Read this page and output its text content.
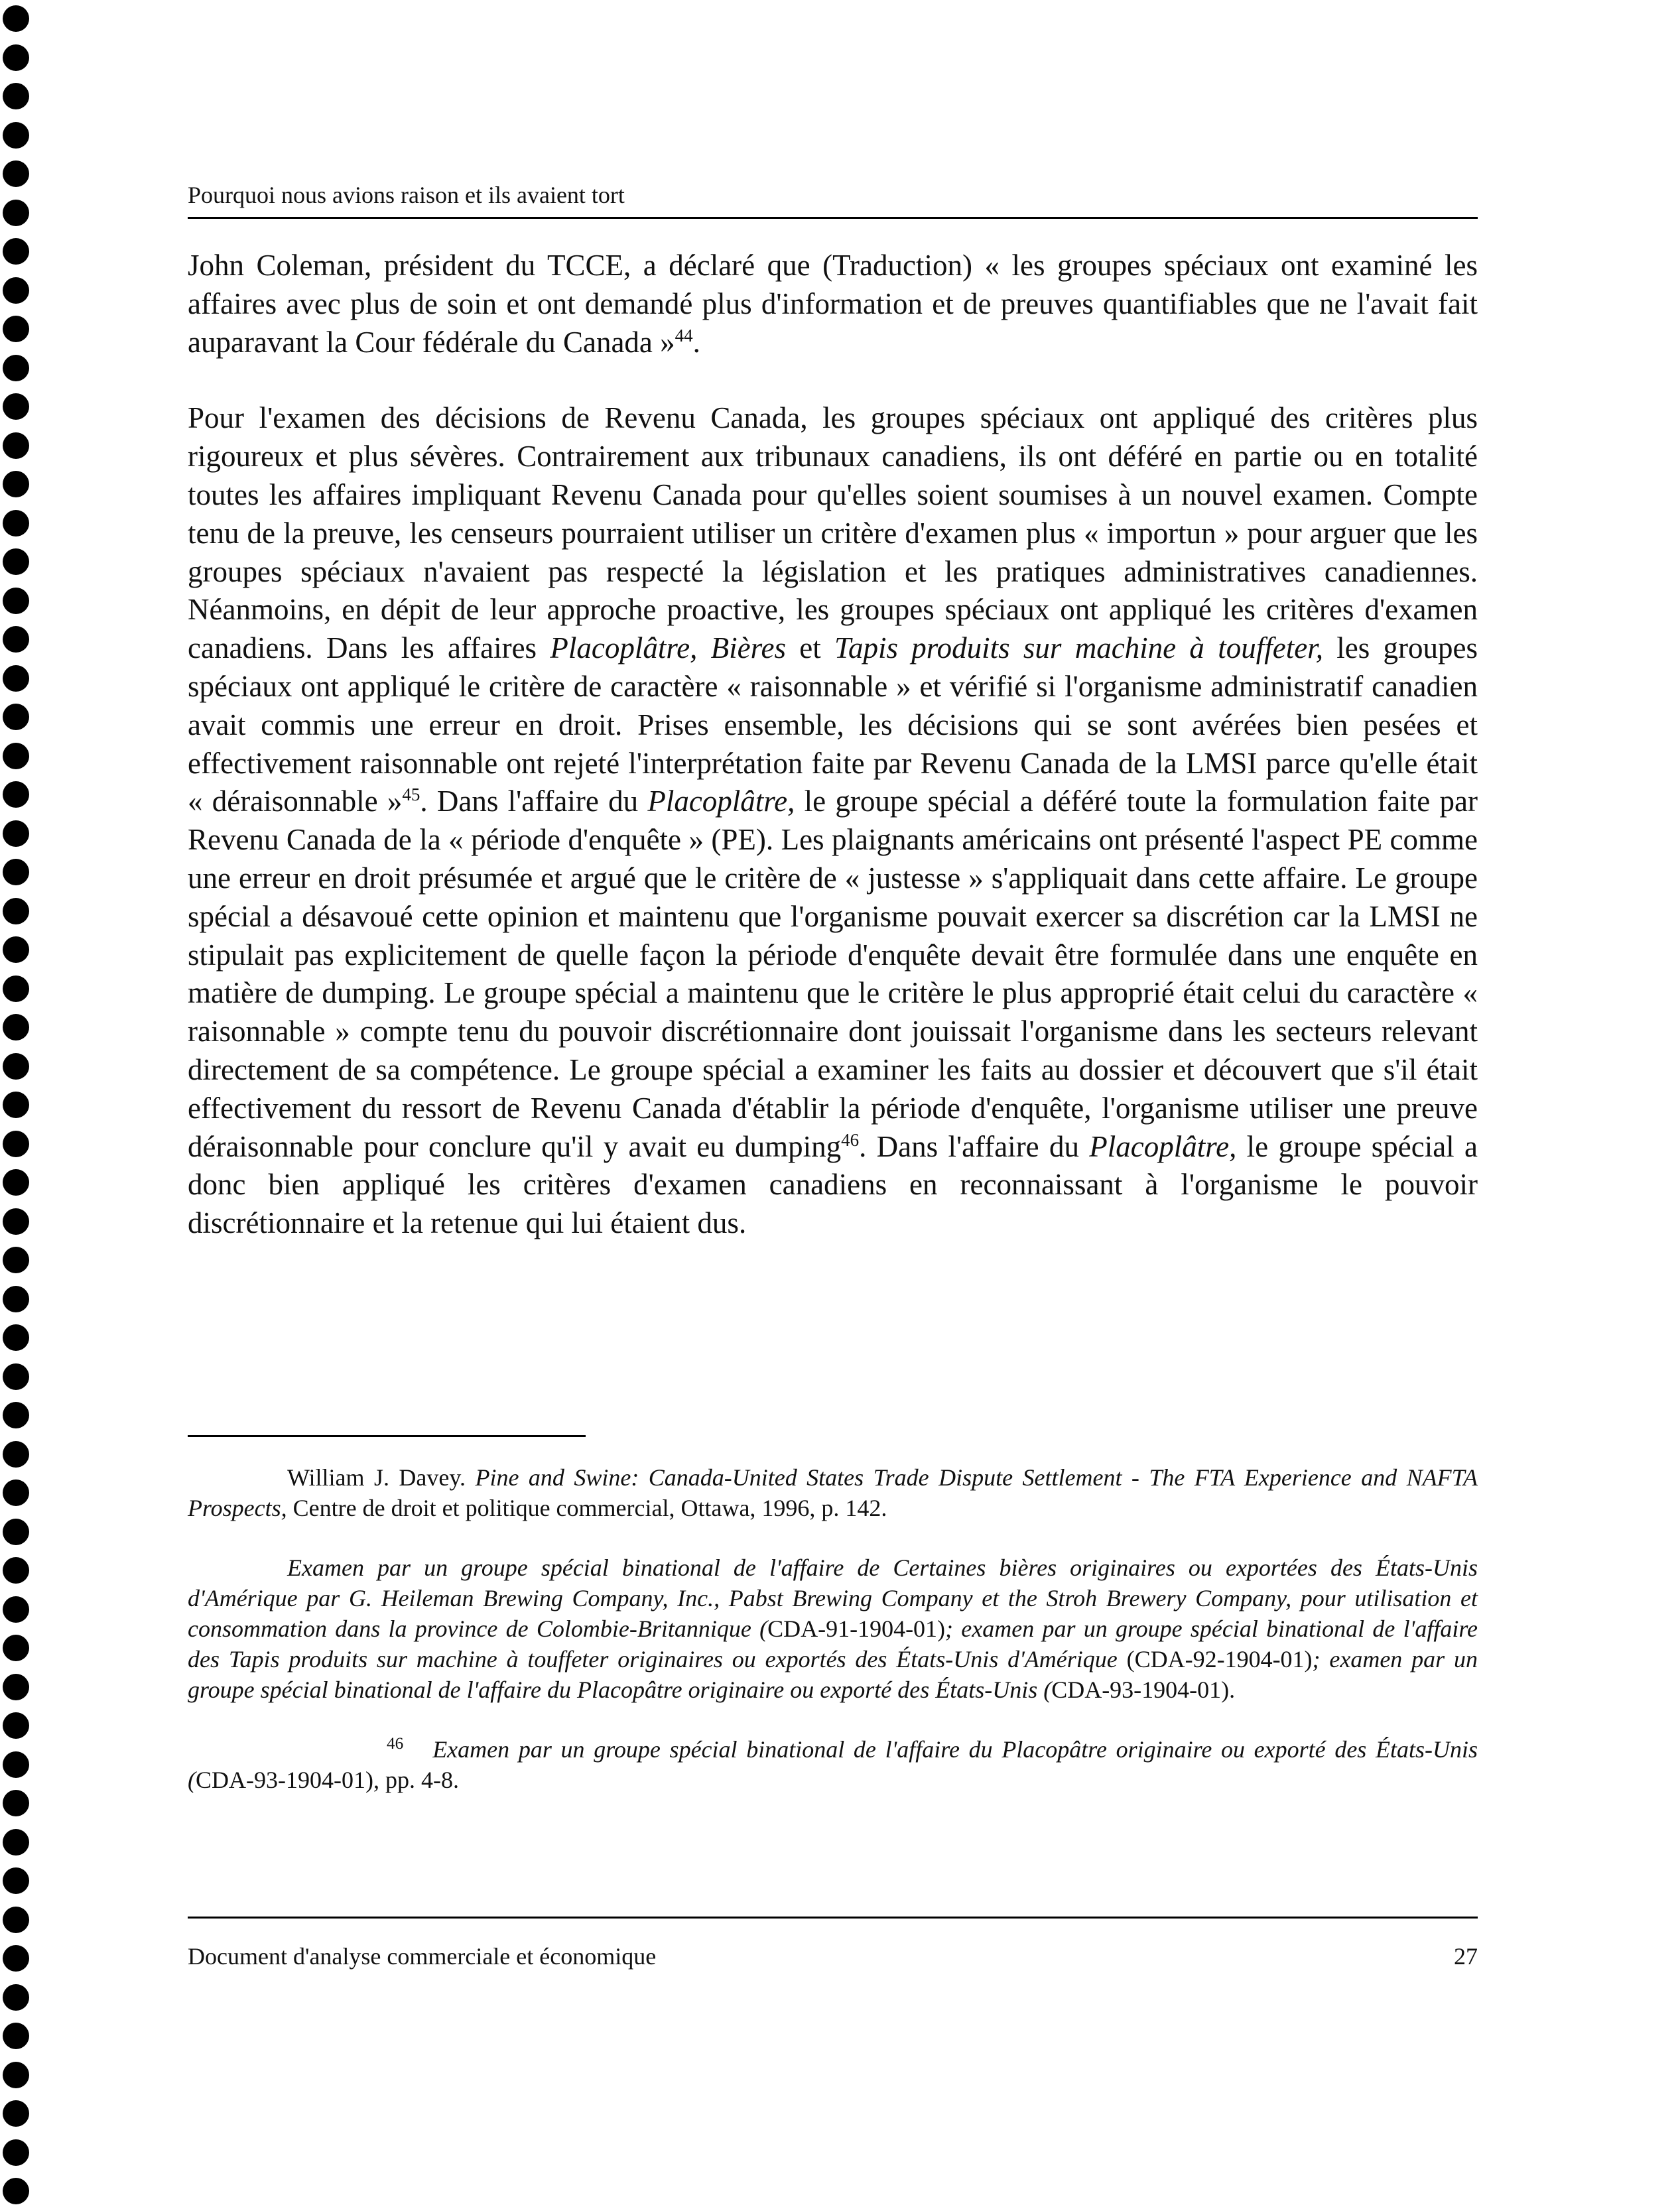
Pourquoi nous avions raison et ils avaient tort

John Coleman, président du TCCE, a déclaré que (Traduction) « les groupes spéciaux ont examiné les affaires avec plus de soin et ont demandé plus d'information et de preuves quantifiables que ne l'avait fait auparavant la Cour fédérale du Canada »$^{44}$.

Pour l'examen des décisions de Revenu Canada, les groupes spéciaux ont appliqué des critères plus rigoureux et plus sévères. Contrairement aux tribunaux canadiens, ils ont déféré en partie ou en totalité toutes les affaires impliquant Revenu Canada pour qu'elles soient soumises à un nouvel examen. Compte tenu de la preuve, les censeurs pourraient utiliser un critère d'examen plus « importun » pour arguer que les groupes spéciaux n'avaient pas respecté la législation et les pratiques administratives canadiennes. Néanmoins, en dépit de leur approche proactive, les groupes spéciaux ont appliqué les critères d'examen canadiens. Dans les affaires Placoplâtre, Bières et Tapis produits sur machine à touffeter, les groupes spéciaux ont appliqué le critère de caractère « raisonnable » et vérifié si l'organisme administratif canadien avait commis une erreur en droit. Prises ensemble, les décisions qui se sont avérées bien pesées et effectivement raisonnable ont rejeté l'interprétation faite par Revenu Canada de la LMSI parce qu'elle était « déraisonnable »$^{45}$. Dans l'affaire du Placoplâtre, le groupe spécial a déféré toute la formulation faite par Revenu Canada de la « période d'enquête » (PE). Les plaignants américains ont présenté l'aspect PE comme une erreur en droit présumée et argué que le critère de « justesse » s'appliquait dans cette affaire. Le groupe spécial a désavoué cette opinion et maintenu que l'organisme pouvait exercer sa discrétion car la LMSI ne stipulait pas explicitement de quelle façon la période d'enquête devait être formulée dans une enquête en matière de dumping. Le groupe spécial a maintenu que le critère le plus approprié était celui du caractère « raisonnable » compte tenu du pouvoir discrétionnaire dont jouissait l'organisme dans les secteurs relevant directement de sa compétence. Le groupe spécial a examiner les faits au dossier et découvert que s'il était effectivement du ressort de Revenu Canada d'établir la période d'enquête, l'organisme utiliser une preuve déraisonnable pour conclure qu'il y avait eu dumping$^{46}$. Dans l'affaire du Placoplâtre, le groupe spécial a donc bien appliqué les critères d'examen canadiens en reconnaissant à l'organisme le pouvoir discrétionnaire et la retenue qui lui étaient dus.

William J. Davey. Pine and Swine: Canada-United States Trade Dispute Settlement - The FTA Experience and NAFTA Prospects, Centre de droit et politique commercial, Ottawa, 1996, p. 142.

Examen par un groupe spécial binational de l'affaire de Certaines bières originaires ou exportées des États-Unis d'Amérique par G. Heileman Brewing Company, Inc., Pabst Brewing Company et the Stroh Brewery Company, pour utilisation et consommation dans la province de Colombie-Britannique (CDA-91-1904-01); examen par un groupe spécial binational de l'affaire des Tapis produits sur machine à touffeter originaires ou exportés des États-Unis d'Amérique (CDA-92-1904-01); examen par un groupe spécial binational de l'affaire du Placopâtre originaire ou exporté des États-Unis (CDA-93-1904-01).

46 Examen par un groupe spécial binational de l'affaire du Placopâtre originaire ou exporté des États-Unis (CDA-93-1904-01), pp. 4-8.

Document d'analyse commerciale et économique	27
